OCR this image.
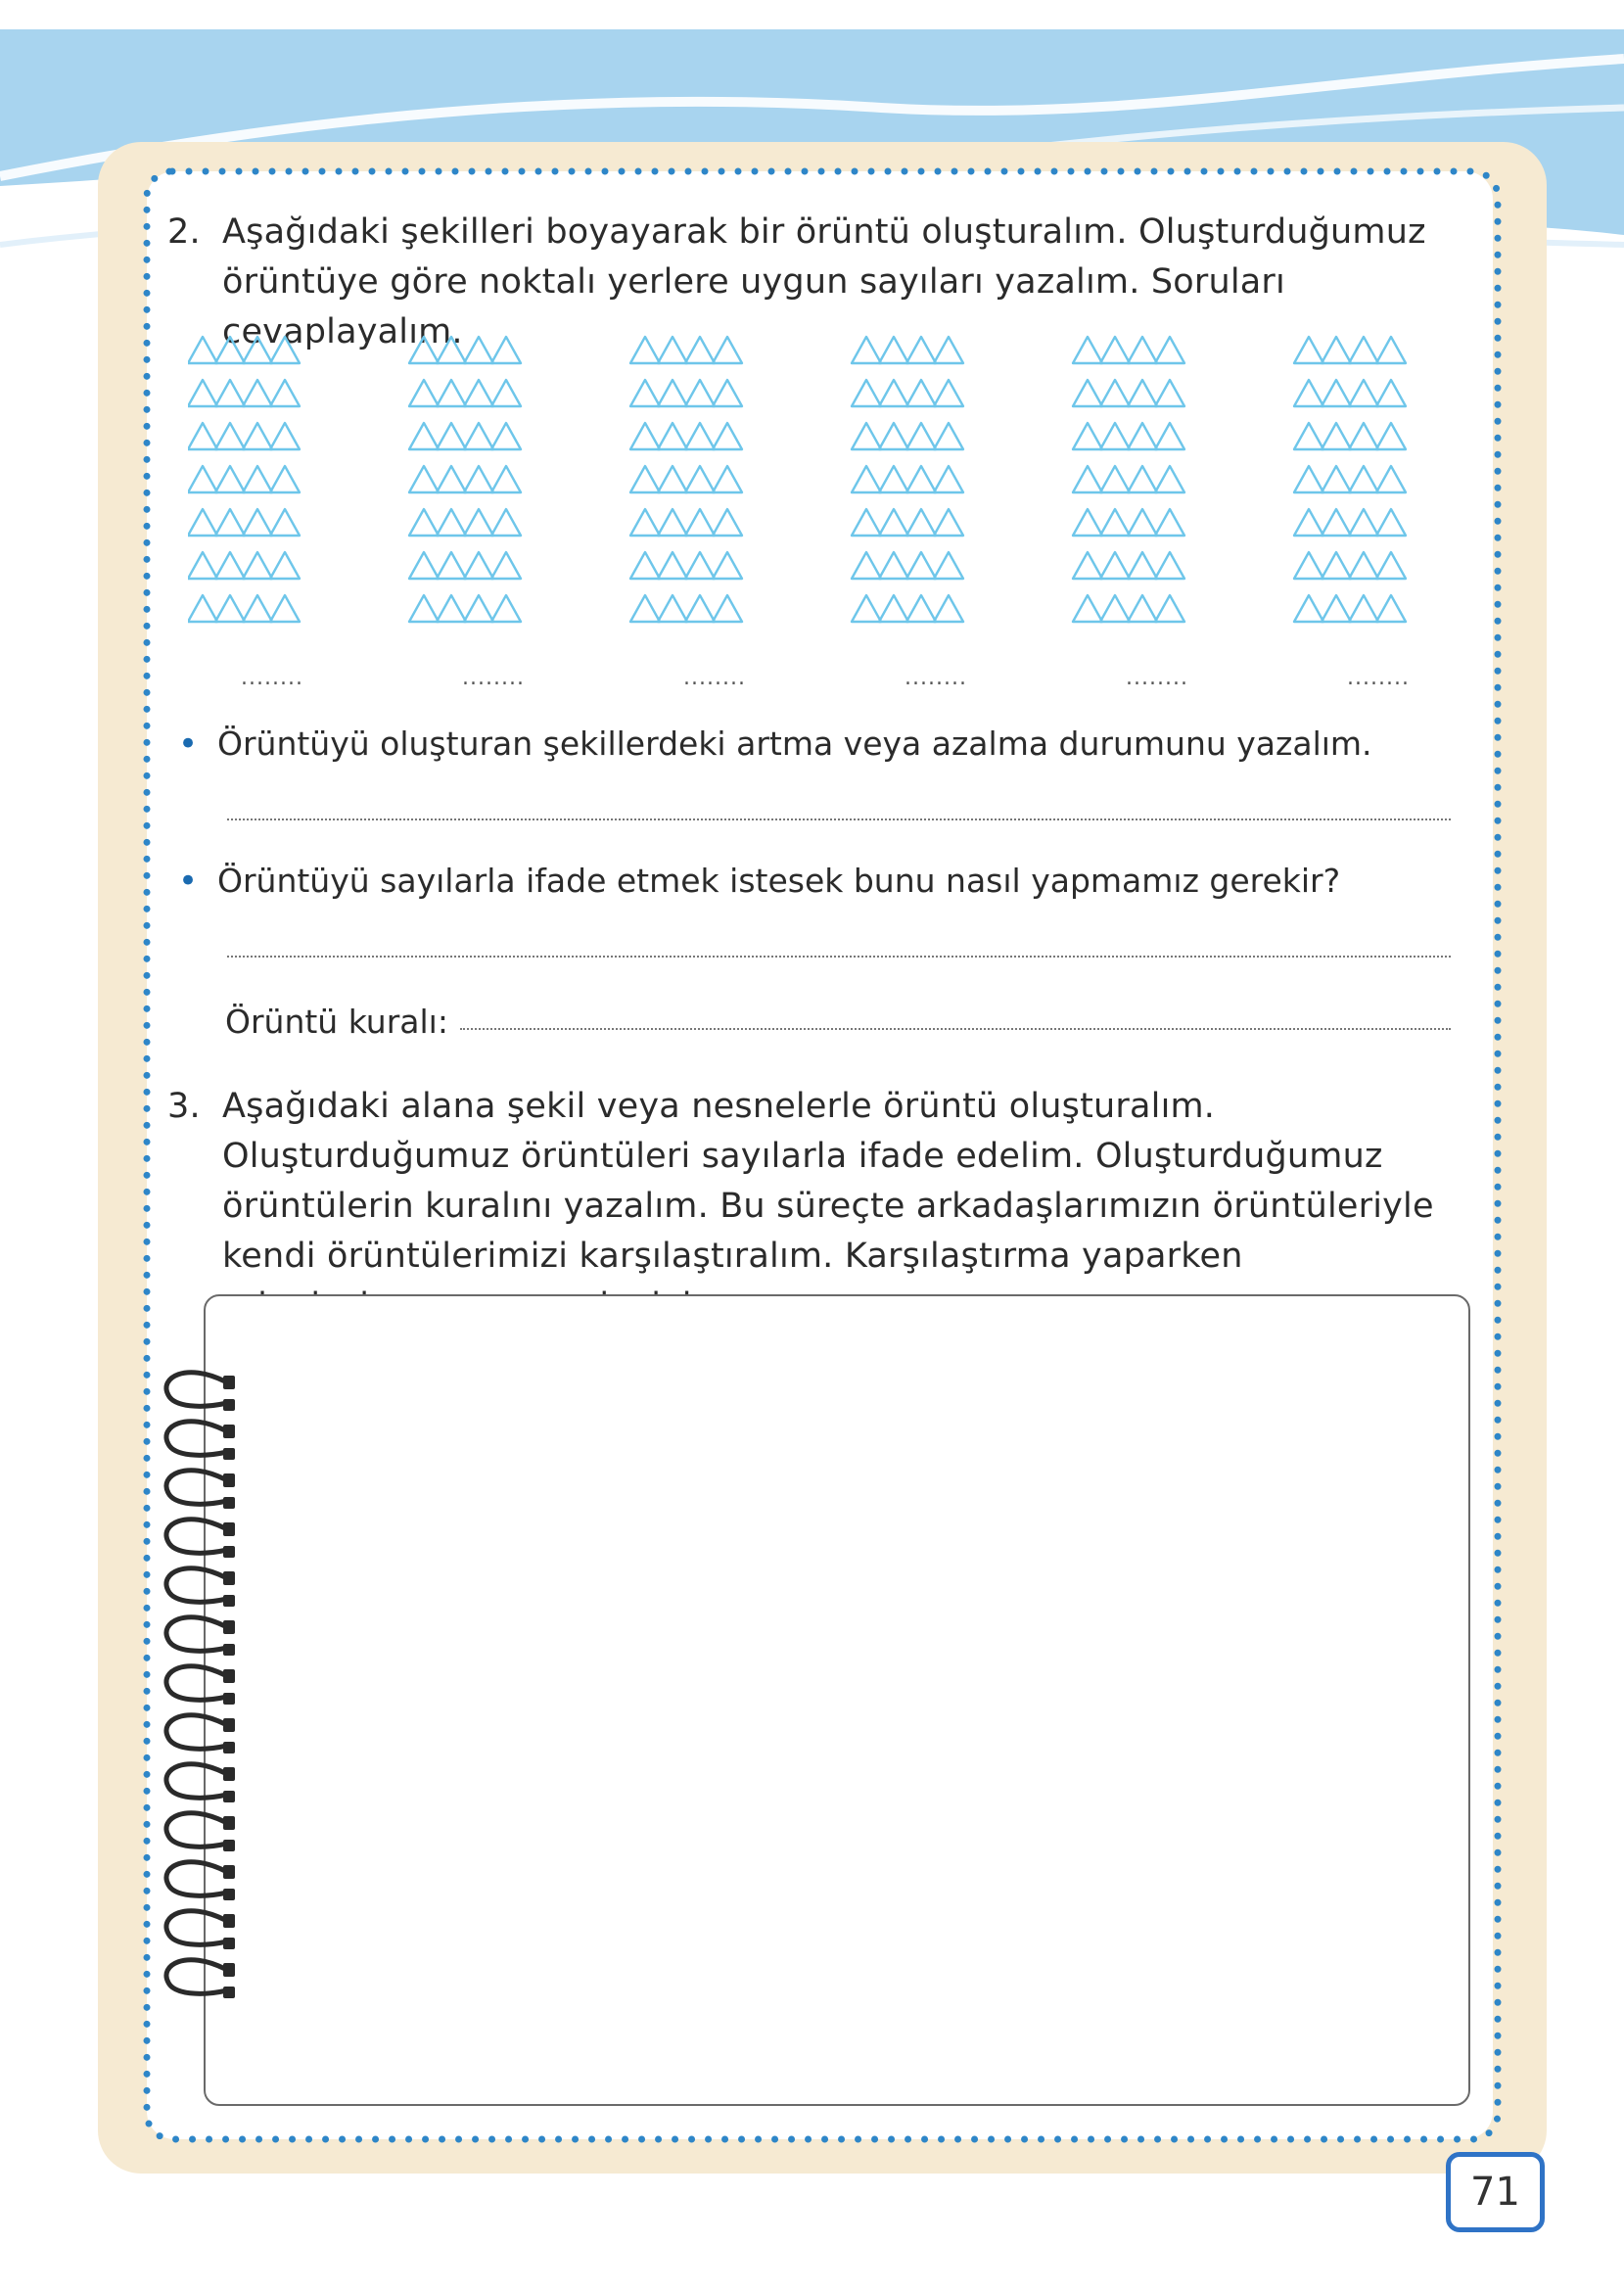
2. Aşağıdaki şekilleri boyayarak bir örüntü oluşturalım. Oluşturduğumuz örüntüye göre noktalı yerlere uygun sayıları yazalım. Soruları cevaplayalım.
........	........	........	........	........	........
• Örüntüyü oluşturan şekillerdeki artma veya azalma durumunu yazalım.
• Örüntüyü sayılarla ifade etmek istesek bunu nasıl yapmamız gerekir?
Örüntü kuralı:
3. Aşağıdaki alana şekil veya nesnelerle örüntü oluşturalım. Oluşturduğumuz örüntüleri sayılarla ifade edelim. Oluşturduğumuz örüntülerin kuralını yazalım. Bu süreçte arkadaşlarımızın örüntüleriyle kendi örüntülerimizi karşılaştıralım. Karşılaştırma yaparken
71
